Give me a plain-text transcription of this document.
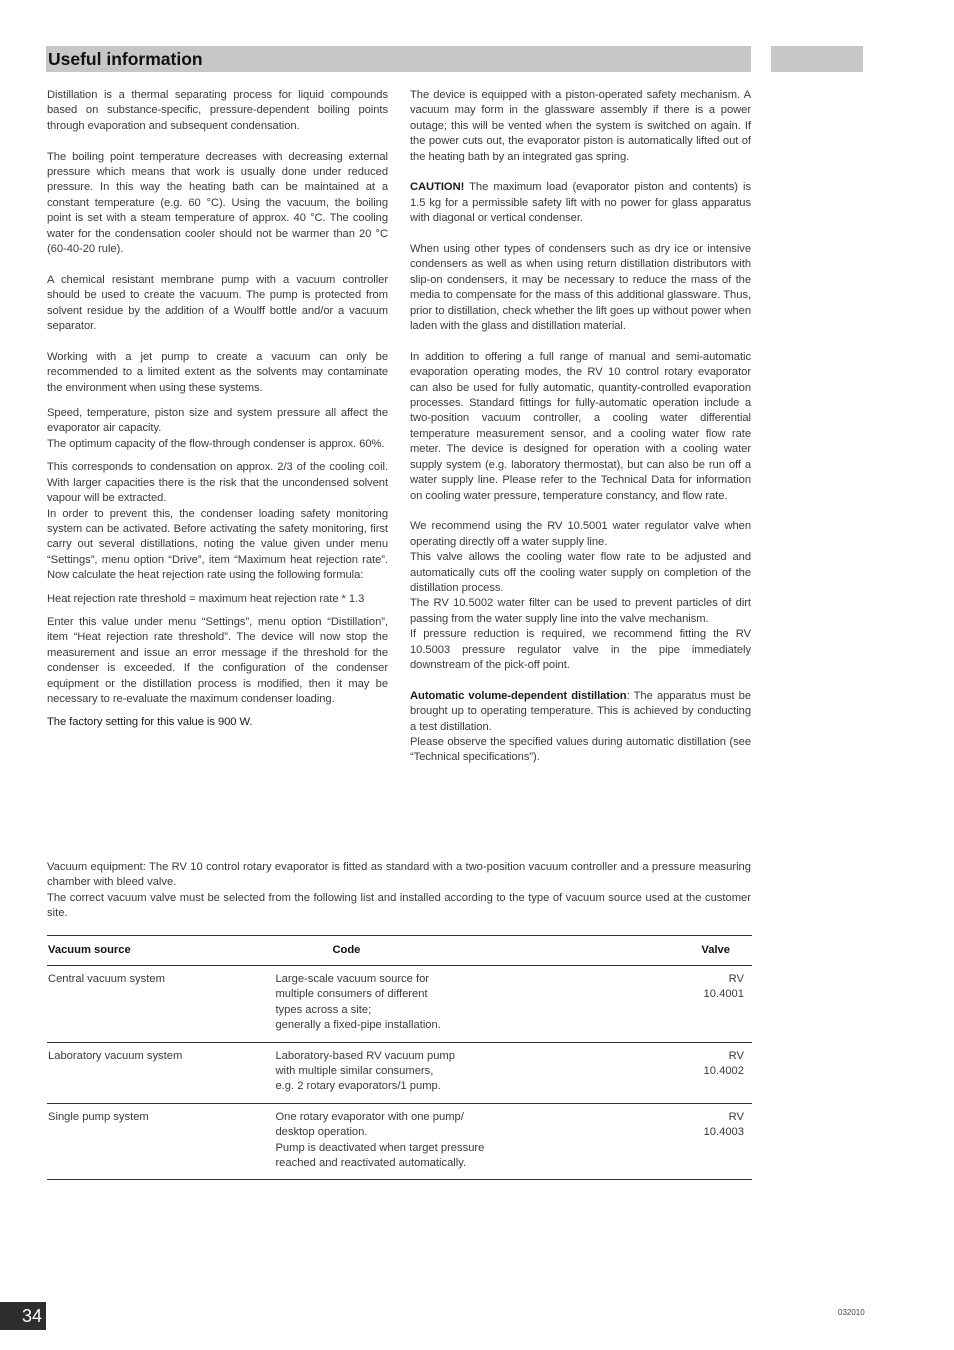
Useful information

Distillation is a thermal separating process for liquid compounds based on substance-specific, pressure-dependent boiling points through evaporation and subsequent condensation.

The boiling point temperature decreases with decreasing external pressure which means that work is usually done under reduced pressure. In this way the heating bath can be maintained at a constant temperature (e.g. 60 °C). Using the vacuum, the boiling point is set with a steam temperature of approx. 40 °C. The cooling water for the condensation cooler should not be warmer than 20 °C (60-40-20 rule).

A chemical resistant membrane pump with a vacuum controller should be used to create the vacuum. The pump is protected from solvent residue by the addition of a Woulff bottle and/or a vacuum separator.

Working with a jet pump to create a vacuum can only be recommended to a limited extent as the solvents may contaminate the environment when using these systems.

Speed, temperature, piston size and system pressure all affect the evaporator air capacity.

The optimum capacity of the flow-through condenser is approx. 60%.

This corresponds to condensation on approx. 2/3 of the cooling coil. With larger capacities there is the risk that the uncondensed solvent vapour will be extracted.

In order to prevent this, the condenser loading safety monitoring system can be activated. Before activating the safety monitoring, first carry out several distillations, noting the value given under menu “Settings”, menu option “Drive”, item “Maximum heat rejection rate”. Now calculate the heat rejection rate using the following formula:

Heat rejection rate threshold = maximum heat rejection rate * 1.3

Enter this value under menu “Settings”, menu option “Distillation”, item “Heat rejection rate threshold”. The device will now stop the measurement and issue an error message if the threshold for the condenser is exceeded. If the configuration of the condenser equipment or the distillation process is modified, then it may be necessary to re-evaluate the maximum condenser loading.

The factory setting for this value is 900 W.

The device is equipped with a piston-operated safety mechanism. A vacuum may form in the glassware assembly if there is a power outage; this will be vented when the system is switched on again. If the power cuts out, the evaporator piston is automatically lifted out of the heating bath by an integrated gas spring.

CAUTION! The maximum load (evaporator piston and contents) is 1.5 kg for a permissible safety lift with no power for glass apparatus with diagonal or vertical condenser.

When using other types of condensers such as dry ice or intensive condensers as well as when using return distillation distributors with slip-on condensers, it may be necessary to reduce the mass of the media to compensate for the mass of this additional glassware. Thus, prior to distillation, check whether the lift goes up without power when laden with the glass and distillation material.

In addition to offering a full range of manual and semi-automatic evaporation operating modes, the RV 10 control rotary evaporator can also be used for fully automatic, quantity-controlled evaporation processes. Standard fittings for fully-automatic operation include a two-position vacuum controller, a cooling water differential temperature measurement sensor, and a cooling water flow rate meter. The device is designed for operation with a cooling water supply system (e.g. laboratory thermostat), but can also be run off a water supply line. Please refer to the Technical Data for information on cooling water pressure, temperature constancy, and flow rate.

We recommend using the RV 10.5001 water regulator valve when operating directly off a water supply line.

This valve allows the cooling water flow rate to be adjusted and automatically cuts off the cooling water supply on completion of the distillation process.

The RV 10.5002 water filter can be used to prevent particles of dirt passing from the water supply line into the valve mechanism.

If pressure reduction is required, we recommend fitting the RV 10.5003 pressure regulator valve in the pipe immediately downstream of the pick-off point.

Automatic volume-dependent distillation: The apparatus must be brought up to operating temperature. This is achieved by conducting a test distillation.

Please observe the specified values during automatic distillation (see “Technical specifications”).

Vacuum equipment: The RV 10 control rotary evaporator is fitted as standard with a two-position vacuum controller and a pressure measuring chamber with bleed valve.

The correct vacuum valve must be selected from the following list and installed according to the type of vacuum source used at the customer site.

Vacuum source	Code	Valve
Central vacuum system	Large-scale vacuum source for
multiple consumers of different
types across a site;
generally a fixed-pipe installation.	RV 10.4001
Laboratory vacuum system	Laboratory-based RV vacuum pump
with multiple similar consumers,
e.g. 2 rotary evaporators/1 pump.	RV 10.4002
Single pump system	One rotary evaporator with one pump/
desktop operation.
Pump is deactivated when target pressure
reached and reactivated automatically.	RV 10.4003
34	032010
